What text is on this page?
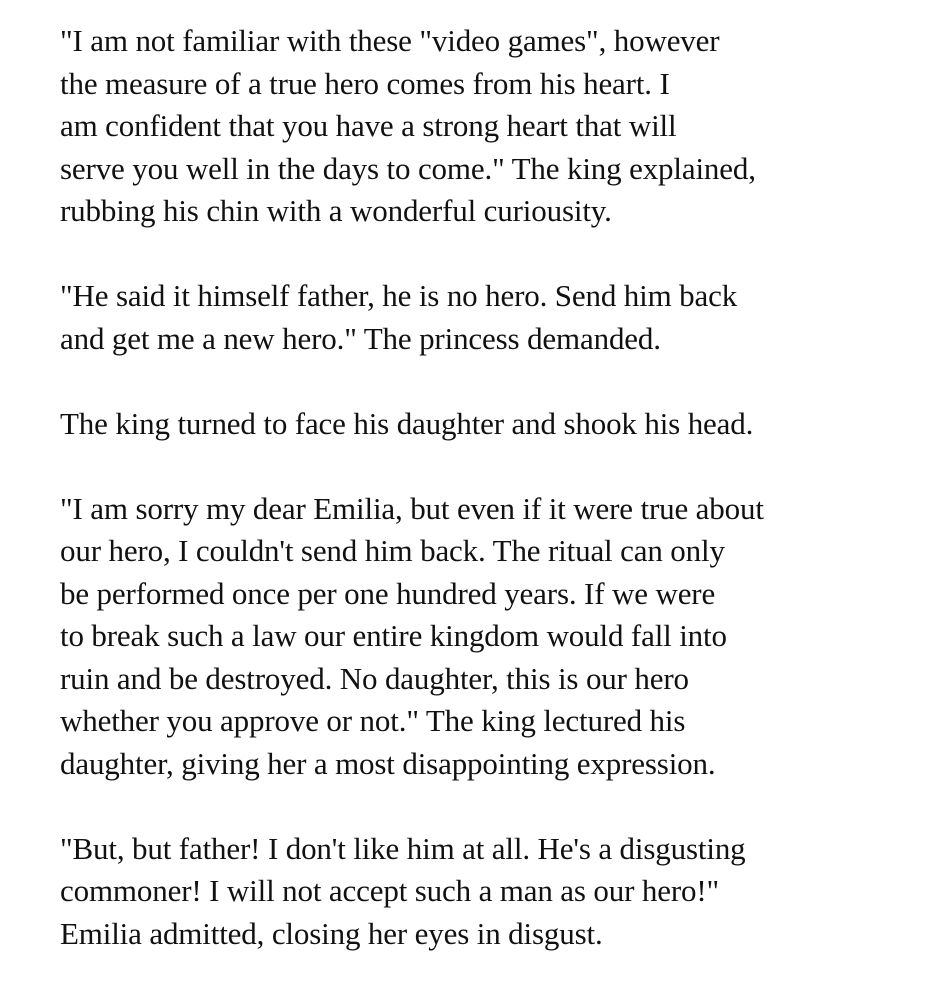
"I am not familiar with these "video games", however
the measure of a true hero comes from his heart. I
am confident that you have a strong heart that will
serve you well in the days to come." The king explained,
rubbing his chin with a wonderful curiousity.

"He said it himself father, he is no hero. Send him back
and get me a new hero." The princess demanded.

The king turned to face his daughter and shook his head.

"I am sorry my dear Emilia, but even if it were true about
our hero, I couldn't send him back. The ritual can only
be performed once per one hundred years. If we were
to break such a law our entire kingdom would fall into
ruin and be destroyed. No daughter, this is our hero
whether you approve or not." The king lectured his
daughter, giving her a most disappointing expression.

"But, but father! I don't like him at all. He's a disgusting
commoner! I will not accept such a man as our hero!"
Emilia admitted, closing her eyes in disgust.
